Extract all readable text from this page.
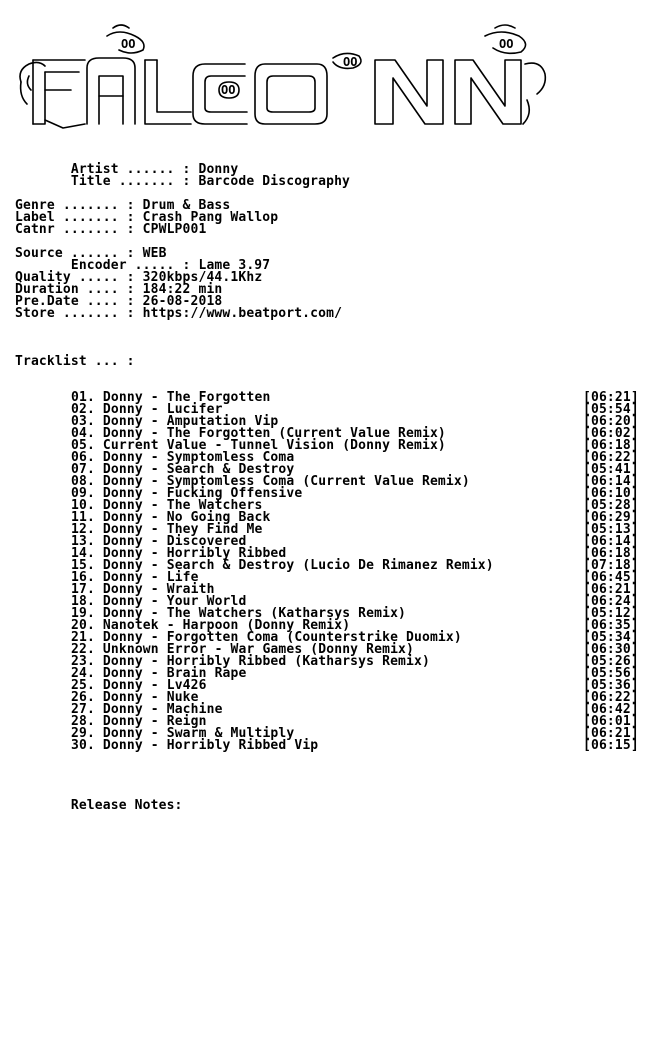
OO	OO
OO
OO
Artist ...... : Donny
Title ....... : Barcode Discography
Genre ....... : Drum & Bass
Label ....... : Crash Pang Wallop
Catnr ....... : CPWLP001
Source ...... : WEB
Encoder ..... : Lame 3.97
Quality ..... : 320kbps/44.1Khz
Duration .... : 184:22 min
Pre.Date .... : 26-08-2018
Store ....... : https://www.beatport.com/
Tracklist ... :
01. Donny - The Forgotten	[06:21]
02. Donny - Lucifer	[05:54]
03. Donny - Amputation Vip	[06:20]
04. Donny - The Forgotten (Current Value Remix)	[06:02]
05. Current Value - Tunnel Vision (Donny Remix)	[06:18]
06. Donny - Symptomless Coma	[06:22]
07. Donny - Search & Destroy	[05:41]
08. Donny - Symptomless Coma (Current Value Remix)	[06:14]
09. Donny - Fucking Offensive	[06:10]
10. Donny - The Watchers	[05:28]
11. Donny - No Going Back	[06:29]
12. Donny - They Find Me	[05:13]
13. Donny - Discovered	[06:14]
14. Donny - Horribly Ribbed	[06:18]
15. Donny - Search & Destroy (Lucio De Rimanez Remix)	[07:18]
16. Donny - Life	[06:45]
17. Donny - Wraith	[06:21]
18. Donny - Your World	[06:24]
19. Donny - The Watchers (Katharsys Remix)	[05:12]
20. Nanotek - Harpoon (Donny Remix)	[06:35]
21. Donny - Forgotten Coma (Counterstrike Duomix)	[05:34]
22. Unknown Error - War Games (Donny Remix)	[06:30]
23. Donny - Horribly Ribbed (Katharsys Remix)	[05:26]
24. Donny - Brain Rape	[05:56]
25. Donny - Lv426	[05:36]
26. Donny - Nuke	[06:22]
27. Donny - Machine	[06:42]
28. Donny - Reign	[06:01]
29. Donny - Swarm & Multiply	[06:21]
30. Donny - Horribly Ribbed Vip	[06:15]
Release Notes:
